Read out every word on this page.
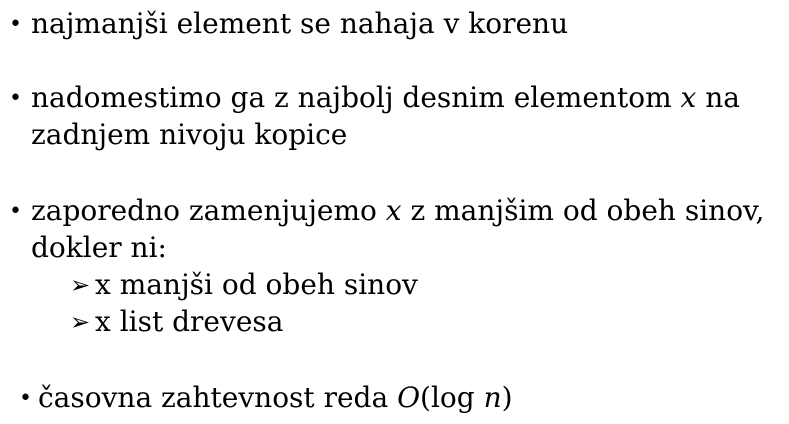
• najmanjši element se nahaja v korenu
• nadomestimo ga z najbolj desnim elementom x na
zadnjem nivoju kopice
• zaporedno zamenjujemo x z manjšim od obeh sinov,
dokler ni:
➢ x manjši od obeh sinov
➢ x list drevesa
• časovna zahtevnost reda O(log n)
